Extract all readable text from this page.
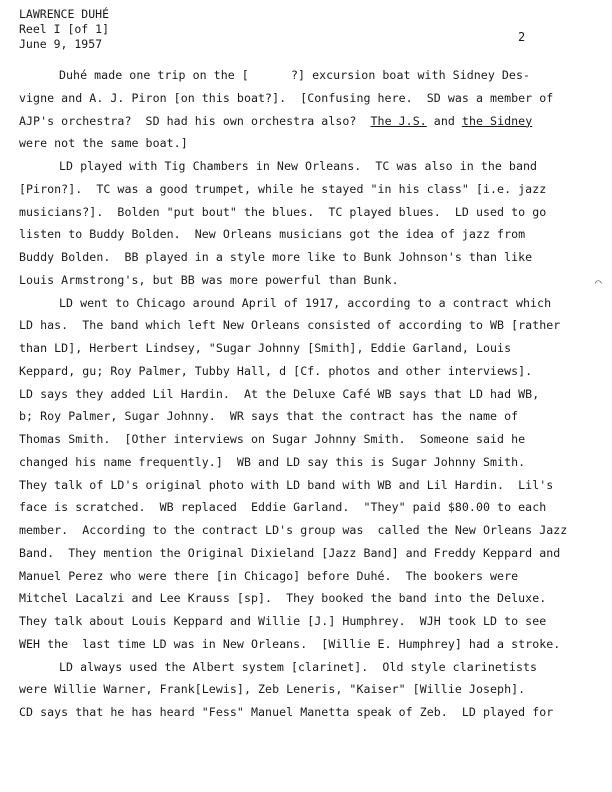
LAWRENCE DUHÉ
Reel I [of 1]
June 9, 1957	2
Duhé made one trip on the [      ?] excursion boat with Sidney Des-
vigne and A. J. Piron [on this boat?].  [Confusing here.  SD was a member of
AJP's orchestra?  SD had his own orchestra also?  The J.S. and the Sidney
were not the same boat.]
LD played with Tig Chambers in New Orleans.  TC was also in the band
[Piron?].  TC was a good trumpet, while he stayed "in his class" [i.e. jazz
musicians?].  Bolden "put bout" the blues.  TC played blues.  LD used to go
listen to Buddy Bolden.  New Orleans musicians got the idea of jazz from
Buddy Bolden.  BB played in a style more like to Bunk Johnson's than like
Louis Armstrong's, but BB was more powerful than Bunk.
LD went to Chicago around April of 1917, according to a contract which
LD has.  The band which left New Orleans consisted of according to WB [rather
than LD], Herbert Lindsey, "Sugar Johnny [Smith], Eddie Garland, Louis
Keppard, gu; Roy Palmer, Tubby Hall, d [Cf. photos and other interviews].
LD says they added Lil Hardin.  At the Deluxe Café WB says that LD had WB,
b; Roy Palmer, Sugar Johnny.  WR says that the contract has the name of
Thomas Smith.  [Other interviews on Sugar Johnny Smith.  Someone said he
changed his name frequently.]  WB and LD say this is Sugar Johnny Smith.
They talk of LD's original photo with LD band with WB and Lil Hardin.  Lil's
face is scratched.  WB replaced  Eddie Garland.  "They" paid $80.00 to each
member.  According to the contract LD's group was  called the New Orleans Jazz
Band.  They mention the Original Dixieland [Jazz Band] and Freddy Keppard and
Manuel Perez who were there [in Chicago] before Duhé.  The bookers were
Mitchel Lacalzi and Lee Krauss [sp].  They booked the band into the Deluxe.
They talk about Louis Keppard and Willie [J.] Humphrey.  WJH took LD to see
WEH the  last time LD was in New Orleans.  [Willie E. Humphrey] had a stroke.
LD always used the Albert system [clarinet].  Old style clarinetists
were Willie Warner, Frank[Lewis], Zeb Leneris, "Kaiser" [Willie Joseph].
CD says that he has heard "Fess" Manuel Manetta speak of Zeb.  LD played for
⌒
